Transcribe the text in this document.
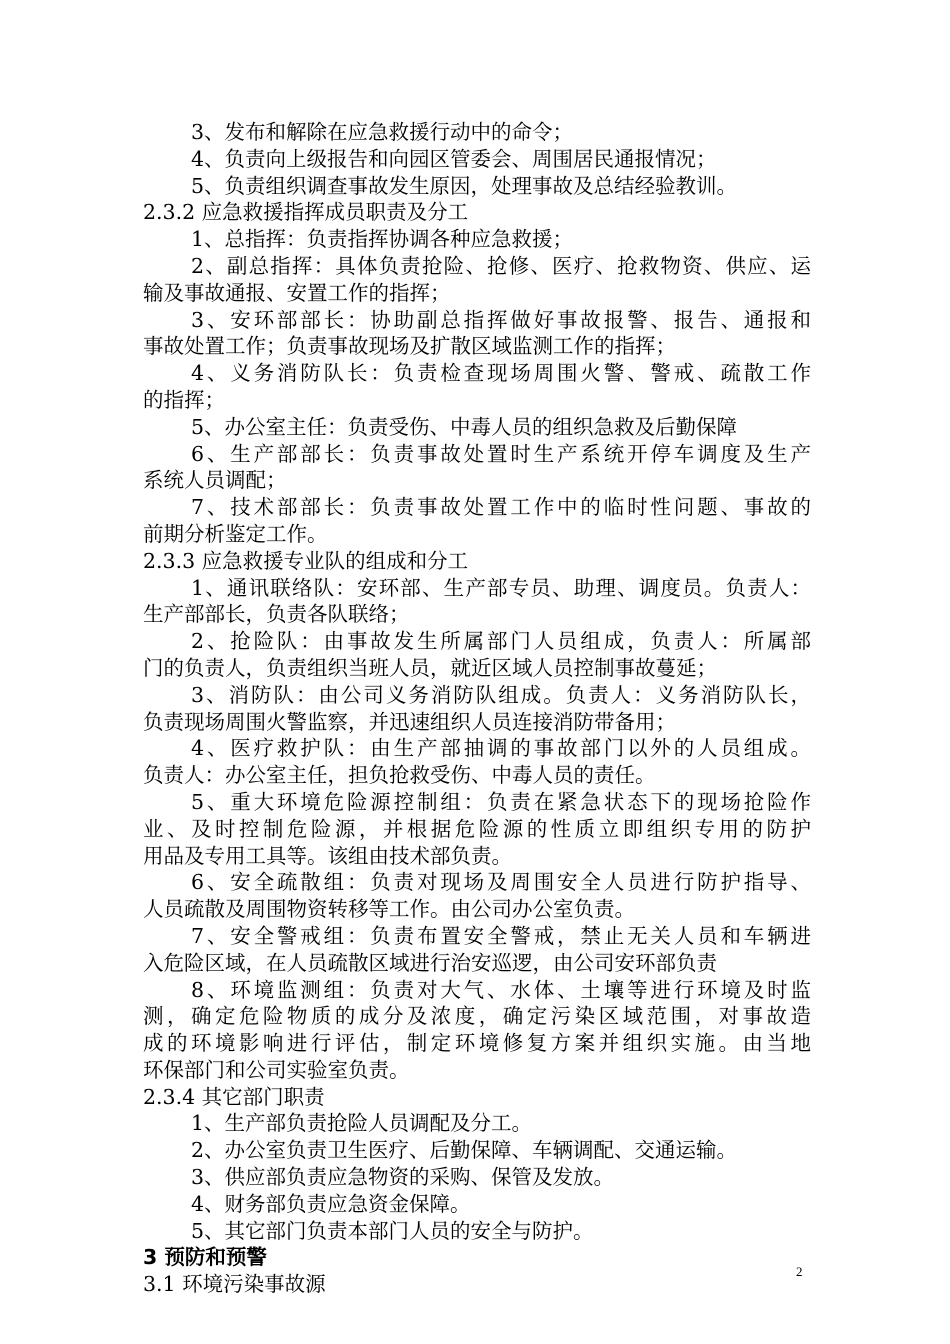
3、发布和解除在应急救援行动中的命令；
4、负责向上级报告和向园区管委会、周围居民通报情况；
5、负责组织调查事故发生原因，处理事故及总结经验教训。
2.3.2 应急救援指挥成员职责及分工
1、总指挥：负责指挥协调各种应急救援；
2、副总指挥：具体负责抢险、抢修、医疗、抢救物资、供应、运
输及事故通报、安置工作的指挥；
3、安环部部长：协助副总指挥做好事故报警、报告、通报和
事故处置工作；负责事故现场及扩散区域监测工作的指挥；
4、义务消防队长：负责检查现场周围火警、警戒、疏散工作
的指挥；
5、办公室主任：负责受伤、中毒人员的组织急救及后勤保障
6、生产部部长：负责事故处置时生产系统开停车调度及生产
系统人员调配；
7、技术部部长：负责事故处置工作中的临时性问题、事故的
前期分析鉴定工作。
2.3.3 应急救援专业队的组成和分工
1、通讯联络队：安环部、生产部专员、助理、调度员。负责人：
生产部部长，负责各队联络；
2、抢险队：由事故发生所属部门人员组成，负责人：所属部
门的负责人，负责组织当班人员，就近区域人员控制事故蔓延；
3、消防队：由公司义务消防队组成。负责人：义务消防队长，
负责现场周围火警监察，并迅速组织人员连接消防带备用；
4、医疗救护队：由生产部抽调的事故部门以外的人员组成。
负责人：办公室主任，担负抢救受伤、中毒人员的责任。
5、重大环境危险源控制组：负责在紧急状态下的现场抢险作
业、及时控制危险源，并根据危险源的性质立即组织专用的防护
用品及专用工具等。该组由技术部负责。
6、安全疏散组：负责对现场及周围安全人员进行防护指导、
人员疏散及周围物资转移等工作。由公司办公室负责。
7、安全警戒组：负责布置安全警戒，禁止无关人员和车辆进
入危险区域，在人员疏散区域进行治安巡逻，由公司安环部负责
8、环境监测组：负责对大气、水体、土壤等进行环境及时监
测，确定危险物质的成分及浓度，确定污染区域范围，对事故造
成的环境影响进行评估，制定环境修复方案并组织实施。由当地
环保部门和公司实验室负责。
2.3.4 其它部门职责
1、生产部负责抢险人员调配及分工。
2、办公室负责卫生医疗、后勤保障、车辆调配、交通运输。
3、供应部负责应急物资的采购、保管及发放。
4、财务部负责应急资金保障。
5、其它部门负责本部门人员的安全与防护。
3 预防和预警
3.1 环境污染事故源
2
